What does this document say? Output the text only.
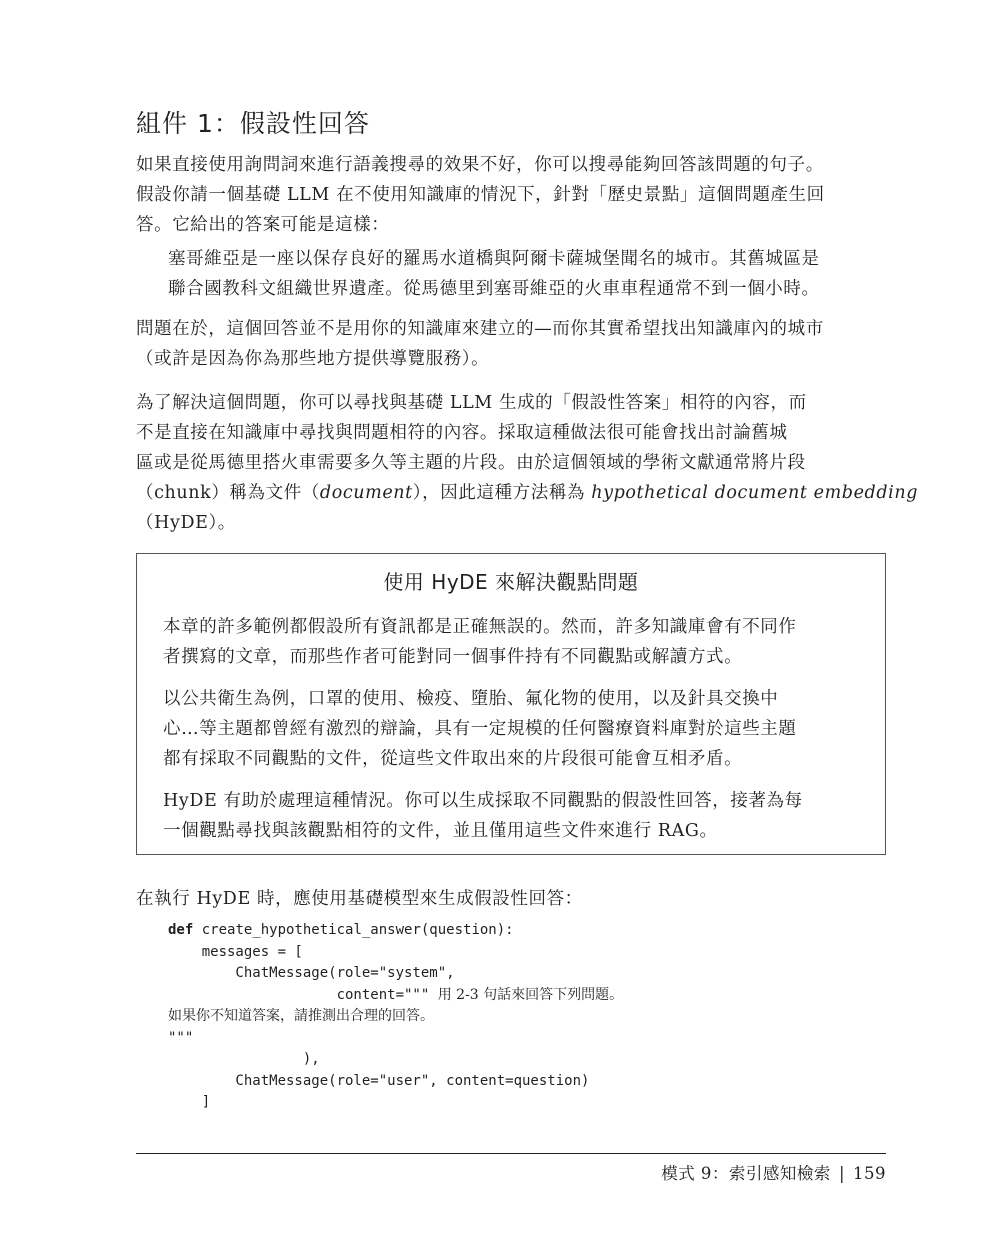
組件 1：假設性回答
如果直接使用詢問詞來進行語義搜尋的效果不好，你可以搜尋能夠回答該問題的句子。
假設你請一個基礎 LLM 在不使用知識庫的情況下，針對「歷史景點」這個問題產生回
答。它給出的答案可能是這樣：
塞哥維亞是一座以保存良好的羅馬水道橋與阿爾卡薩城堡聞名的城市。其舊城區是
聯合國教科文組織世界遺產。從馬德里到塞哥維亞的火車車程通常不到一個小時。
問題在於，這個回答並不是用你的知識庫來建立的—而你其實希望找出知識庫內的城市
（或許是因為你為那些地方提供導覽服務）。
為了解決這個問題，你可以尋找與基礎 LLM 生成的「假設性答案」相符的內容，而
不是直接在知識庫中尋找與問題相符的內容。採取這種做法很可能會找出討論舊城
區或是從馬德里搭火車需要多久等主題的片段。由於這個領域的學術文獻通常將片段
（chunk）稱為文件（document），因此這種方法稱為 hypothetical document embedding
（HyDE）。
使用 HyDE 來解決觀點問題
本章的許多範例都假設所有資訊都是正確無誤的。然而，許多知識庫會有不同作
者撰寫的文章，而那些作者可能對同一個事件持有不同觀點或解讀方式。
以公共衛生為例，口罩的使用、檢疫、墮胎、氟化物的使用，以及針具交換中
心…等主題都曾經有激烈的辯論，具有一定規模的任何醫療資料庫對於這些主題
都有採取不同觀點的文件，從這些文件取出來的片段很可能會互相矛盾。
HyDE 有助於處理這種情況。你可以生成採取不同觀點的假設性回答，接著為每
一個觀點尋找與該觀點相符的文件，並且僅用這些文件來進行 RAG。
在執行 HyDE 時，應使用基礎模型來生成假設性回答：
def create_hypothetical_answer(question):
messages = [
ChatMessage(role="system",
content=""" 用 2-3 句話來回答下列問題。
如果你不知道答案，請推測出合理的回答。
"""
),
ChatMessage(role="user", content=question)
]
模式 9：索引感知檢索 | 159
